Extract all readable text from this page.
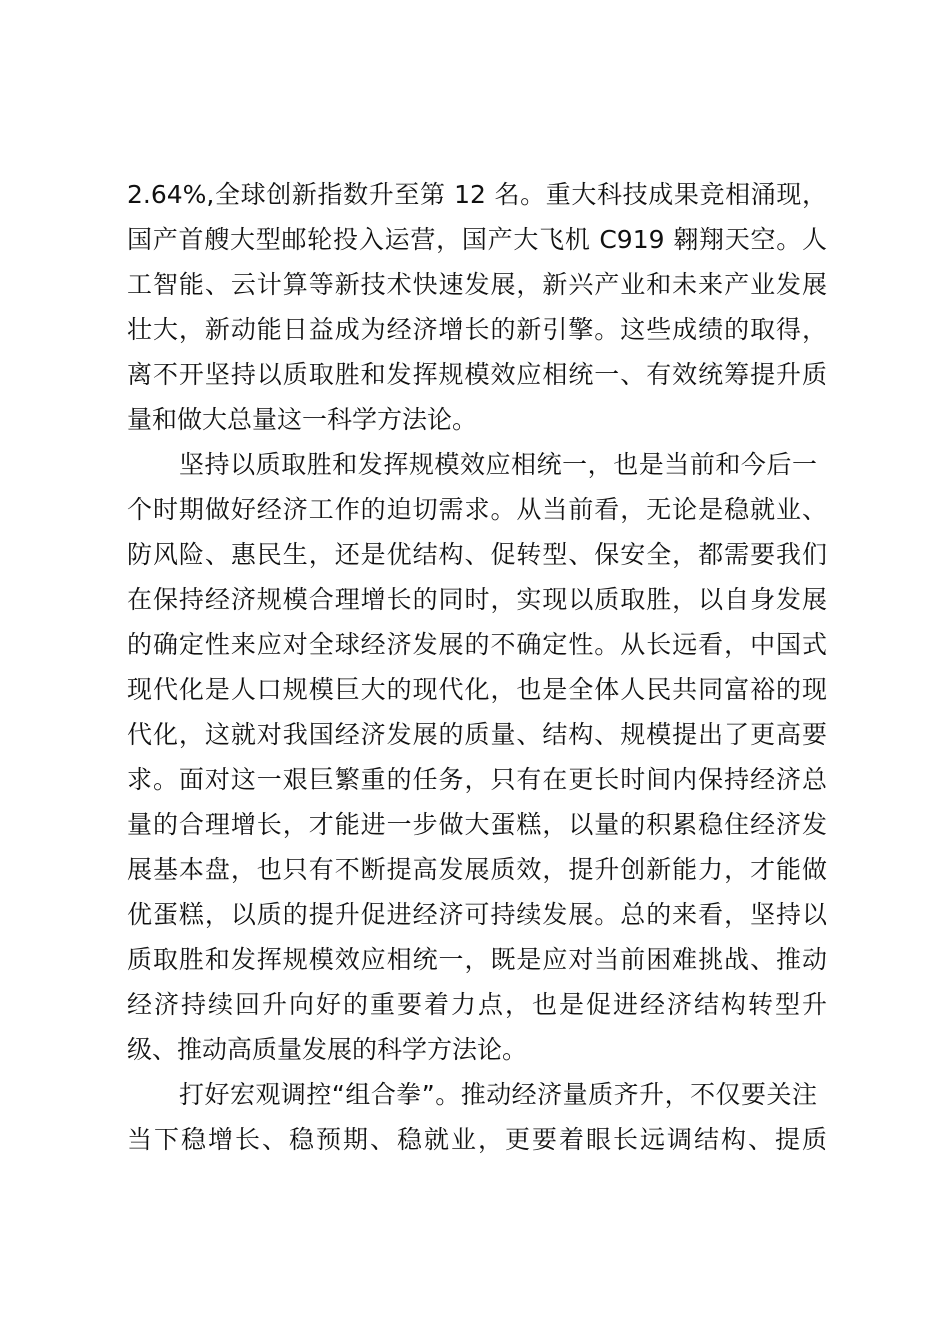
2.64%,全球创新指数升至第 12 名。重大科技成果竞相涌现，
国产首艘大型邮轮投入运营，国产大飞机 C919 翱翔天空。人
工智能、云计算等新技术快速发展，新兴产业和未来产业发展
壮大，新动能日益成为经济增长的新引擎。这些成绩的取得，
离不开坚持以质取胜和发挥规模效应相统一、有效统筹提升质
量和做大总量这一科学方法论。
坚持以质取胜和发挥规模效应相统一，也是当前和今后一
个时期做好经济工作的迫切需求。从当前看，无论是稳就业、
防风险、惠民生，还是优结构、促转型、保安全，都需要我们
在保持经济规模合理增长的同时，实现以质取胜，以自身发展
的确定性来应对全球经济发展的不确定性。从长远看，中国式
现代化是人口规模巨大的现代化，也是全体人民共同富裕的现
代化，这就对我国经济发展的质量、结构、规模提出了更高要
求。面对这一艰巨繁重的任务，只有在更长时间内保持经济总
量的合理增长，才能进一步做大蛋糕，以量的积累稳住经济发
展基本盘，也只有不断提高发展质效，提升创新能力，才能做
优蛋糕，以质的提升促进经济可持续发展。总的来看，坚持以
质取胜和发挥规模效应相统一，既是应对当前困难挑战、推动
经济持续回升向好的重要着力点，也是促进经济结构转型升
级、推动高质量发展的科学方法论。
打好宏观调控“组合拳”。推动经济量质齐升，不仅要关注
当下稳增长、稳预期、稳就业，更要着眼长远调结构、提质
